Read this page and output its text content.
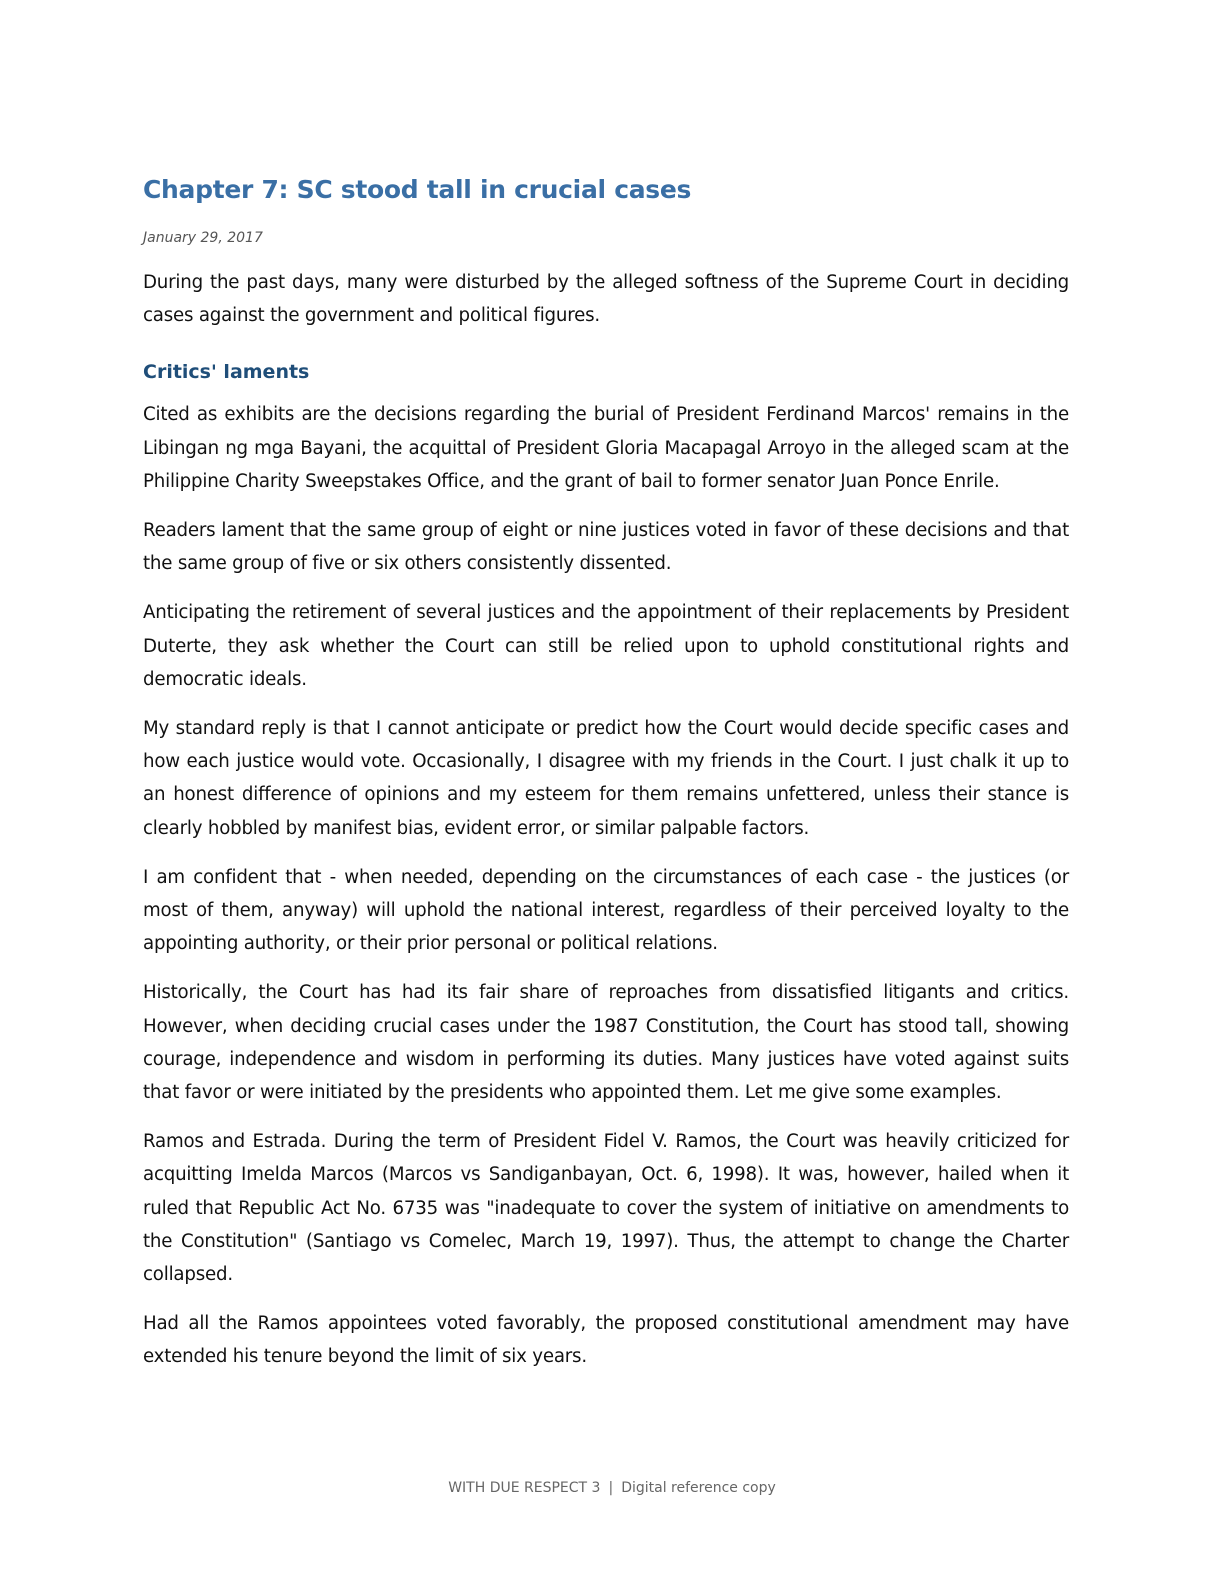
Chapter 7: SC stood tall in crucial cases
January 29, 2017

During the past days, many were disturbed by the alleged softness of the Supreme Court in deciding cases against the government and political figures.

Critics' laments

Cited as exhibits are the decisions regarding the burial of President Ferdinand Marcos' remains in the Libingan ng mga Bayani, the acquittal of President Gloria Macapagal Arroyo in the alleged scam at the Philippine Charity Sweepstakes Office, and the grant of bail to former senator Juan Ponce Enrile.

Readers lament that the same group of eight or nine justices voted in favor of these decisions and that the same group of five or six others consistently dissented.

Anticipating the retirement of several justices and the appointment of their replacements by President Duterte, they ask whether the Court can still be relied upon to uphold constitutional rights and democratic ideals.

My standard reply is that I cannot anticipate or predict how the Court would decide specific cases and how each justice would vote. Occasionally, I disagree with my friends in the Court. I just chalk it up to an honest difference of opinions and my esteem for them remains unfettered, unless their stance is clearly hobbled by manifest bias, evident error, or similar palpable factors.

I am confident that - when needed, depending on the circumstances of each case - the justices (or most of them, anyway) will uphold the national interest, regardless of their perceived loyalty to the appointing authority, or their prior personal or political relations.

Historically, the Court has had its fair share of reproaches from dissatisfied litigants and critics. However, when deciding crucial cases under the 1987 Constitution, the Court has stood tall, showing courage, independence and wisdom in performing its duties. Many justices have voted against suits that favor or were initiated by the presidents who appointed them. Let me give some examples.

Ramos and Estrada. During the term of President Fidel V. Ramos, the Court was heavily criticized for acquitting Imelda Marcos (Marcos vs Sandiganbayan, Oct. 6, 1998). It was, however, hailed when it ruled that Republic Act No. 6735 was "inadequate to cover the system of initiative on amendments to the Constitution" (Santiago vs Comelec, March 19, 1997). Thus, the attempt to change the Charter collapsed.

Had all the Ramos appointees voted favorably, the proposed constitutional amendment may have extended his tenure beyond the limit of six years.

WITH DUE RESPECT 3 | Digital reference copy
